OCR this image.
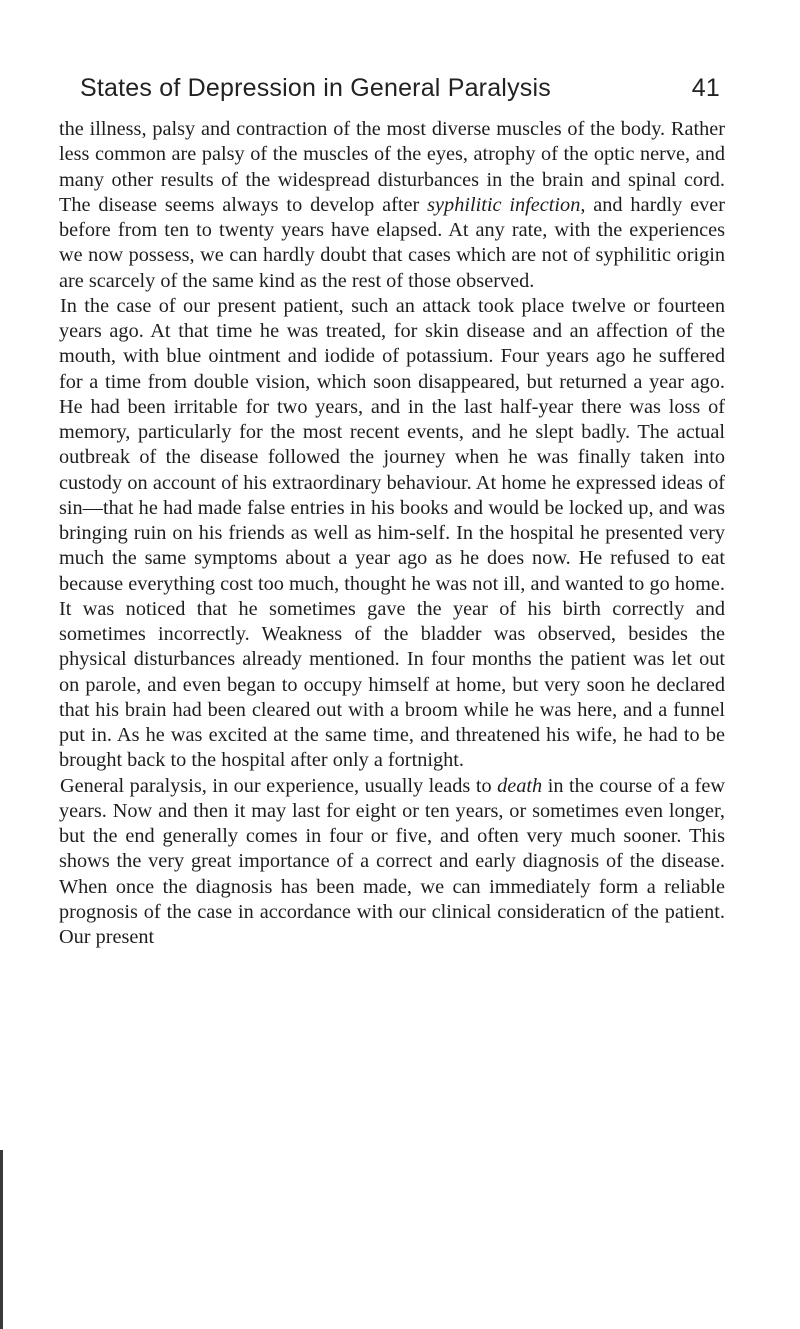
States of Depression in General Paralysis	41

the illness, palsy and contraction of the most diverse muscles of the body. Rather less common are palsy of the muscles of the eyes, atrophy of the optic nerve, and many other results of the widespread disturbances in the brain and spinal cord. The disease seems always to develop after syphilitic infection, and hardly ever before from ten to twenty years have elapsed. At any rate, with the experiences we now possess, we can hardly doubt that cases which are not of syphilitic origin are scarcely of the same kind as the rest of those observed.

In the case of our present patient, such an attack took place twelve or fourteen years ago. At that time he was treated, for skin disease and an affection of the mouth, with blue ointment and iodide of potassium. Four years ago he suffered for a time from double vision, which soon disappeared, but returned a year ago. He had been irritable for two years, and in the last half-year there was loss of memory, particularly for the most recent events, and he slept badly. The actual outbreak of the disease followed the journey when he was finally taken into custody on account of his extraordinary behaviour. At home he expressed ideas of sin—that he had made false entries in his books and would be locked up, and was bringing ruin on his friends as well as him-self. In the hospital he presented very much the same symptoms about a year ago as he does now. He refused to eat because everything cost too much, thought he was not ill, and wanted to go home. It was noticed that he sometimes gave the year of his birth correctly and sometimes incorrectly. Weakness of the bladder was observed, besides the physical disturbances already mentioned. In four months the patient was let out on parole, and even began to occupy himself at home, but very soon he declared that his brain had been cleared out with a broom while he was here, and a funnel put in. As he was excited at the same time, and threatened his wife, he had to be brought back to the hospital after only a fortnight.

General paralysis, in our experience, usually leads to death in the course of a few years. Now and then it may last for eight or ten years, or sometimes even longer, but the end generally comes in four or five, and often very much sooner. This shows the very great importance of a correct and early diagnosis of the disease. When once the diagnosis has been made, we can immediately form a reliable prognosis of the case in accordance with our clinical consideraticn of the patient. Our present
